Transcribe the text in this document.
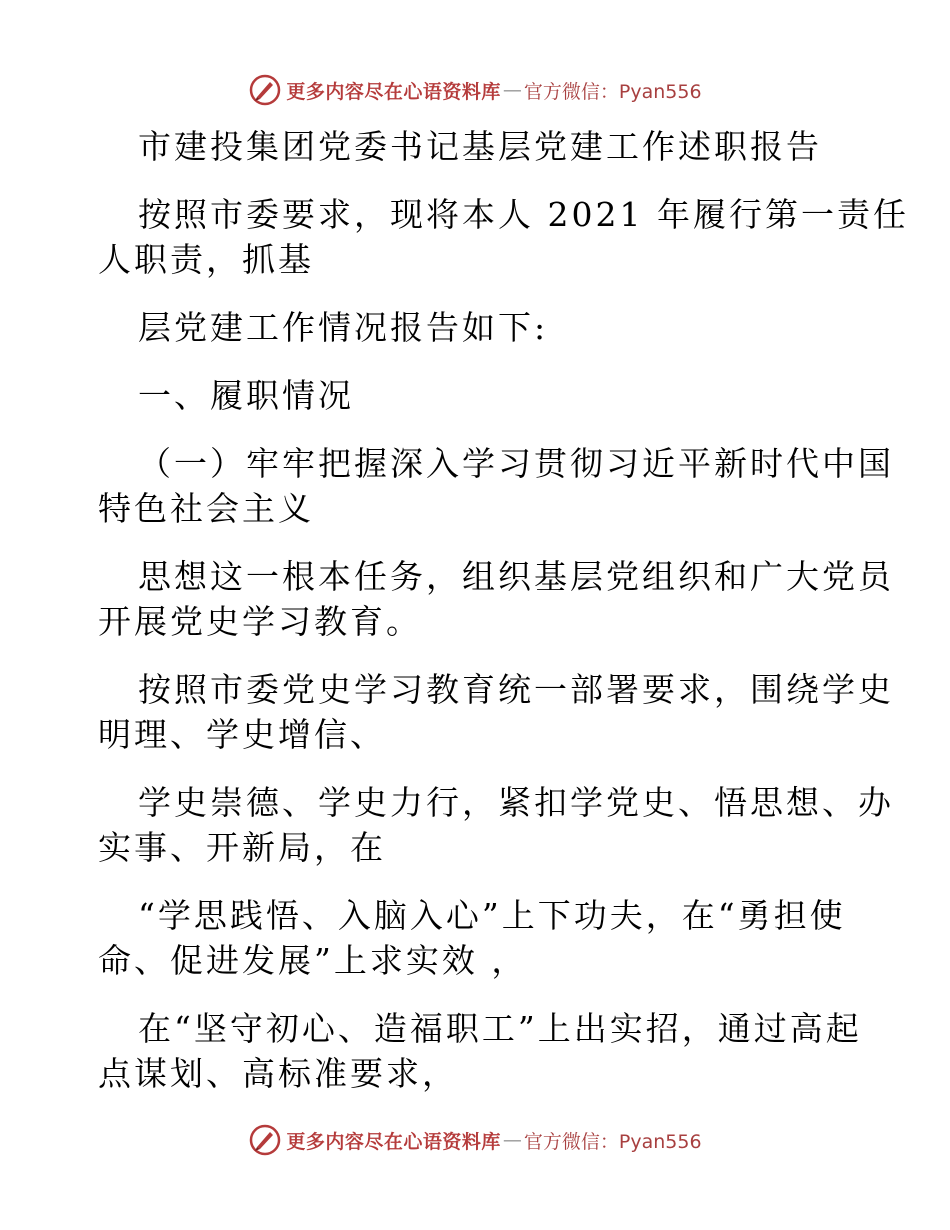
更多内容尽在心语资料库 — 官方微信：Pyan556
市建投集团党委书记基层党建工作述职报告
按照市委要求，现将本人 2021 年履行第一责任
人职责，抓基
层党建工作情况报告如下:
一、履职情况
（一）牢牢把握深入学习贯彻习近平新时代中国
特色社会主义
思想这一根本任务，组织基层党组织和广大党员
开展党史学习教育。
按照市委党史学习教育统一部署要求，围绕学史
明理、学史增信、
学史崇德、学史力行，紧扣学党史、悟思想、办
实事、开新局，在
“学思践悟、入脑入心”上下功夫，在“勇担使
命、促进发展”上求实效 ，
在“坚守初心、造福职工”上出实招，通过高起
点谋划、高标准要求，
更多内容尽在心语资料库 — 官方微信：Pyan556
